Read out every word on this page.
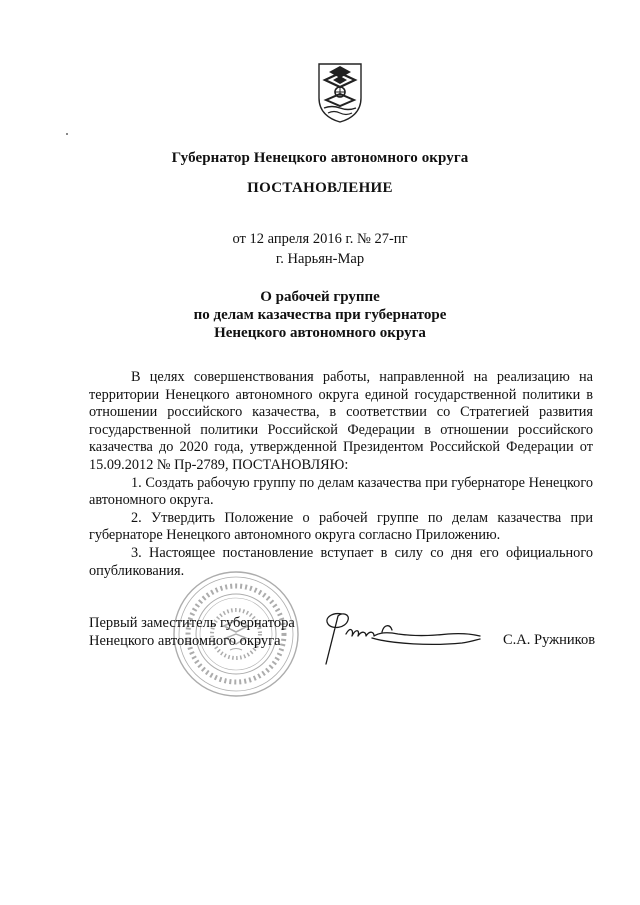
Губернатор Ненецкого автономного округа
ПОСТАНОВЛЕНИЕ
от 12 апреля 2016 г. № 27-пг
г. Нарьян-Мар
О рабочей группе
по делам казачества при губернаторе
Ненецкого автономного округа

В целях совершенствования работы, направленной на реализацию на территории Ненецкого автономного округа единой государственной политики в отношении российского казачества, в соответствии со Стратегией развития государственной политики Российской Федерации в отношении российского казачества до 2020 года, утвержденной Президентом Российской Федерации от 15.09.2012 № Пр-2789, ПОСТАНОВЛЯЮ:

1. Создать рабочую группу по делам казачества при губернаторе Ненецкого автономного округа.

2. Утвердить Положение о рабочей группе по делам казачества при губернаторе Ненецкого автономного округа согласно Приложению.

3. Настоящее постановление вступает в силу со дня его официального опубликования.

Первый заместитель губернатора
Ненецкого автономного округа	С.А. Ружников
